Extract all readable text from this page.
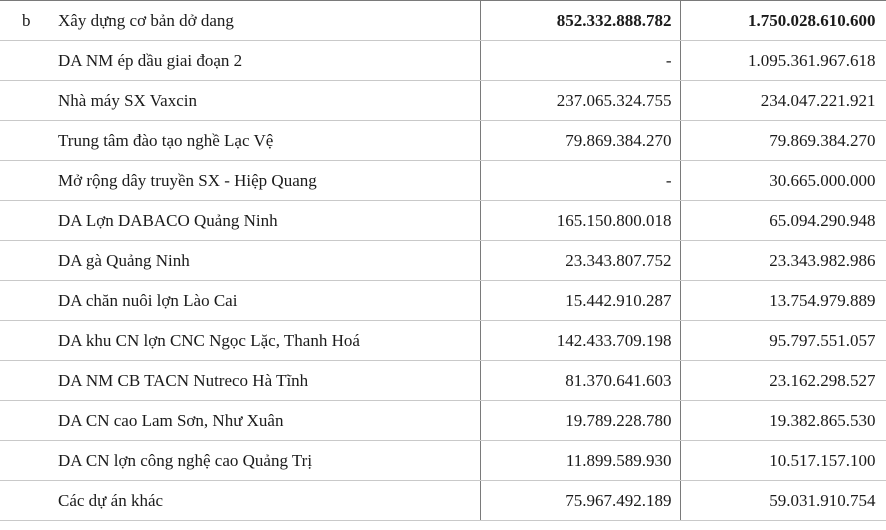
b	Xây dựng cơ bản dở dang	852.332.888.782	1.750.028.610.600
	DA NM ép dầu giai đoạn 2	-	1.095.361.967.618
	Nhà máy SX Vaxcin	237.065.324.755	234.047.221.921
	Trung tâm đào tạo nghề Lạc Vệ	79.869.384.270	79.869.384.270
	Mở rộng dây truyền SX - Hiệp Quang	-	30.665.000.000
	DA Lợn DABACO Quảng Ninh	165.150.800.018	65.094.290.948
	DA gà Quảng Ninh	23.343.807.752	23.343.982.986
	DA chăn nuôi lợn Lào Cai	15.442.910.287	13.754.979.889
	DA khu CN lợn CNC Ngọc Lặc, Thanh Hoá	142.433.709.198	95.797.551.057
	DA NM CB TACN Nutreco Hà Tĩnh	81.370.641.603	23.162.298.527
	DA CN cao Lam Sơn, Như Xuân	19.789.228.780	19.382.865.530
	DA CN lợn công nghệ cao Quảng Trị	11.899.589.930	10.517.157.100
	Các dự án khác	75.967.492.189	59.031.910.754
